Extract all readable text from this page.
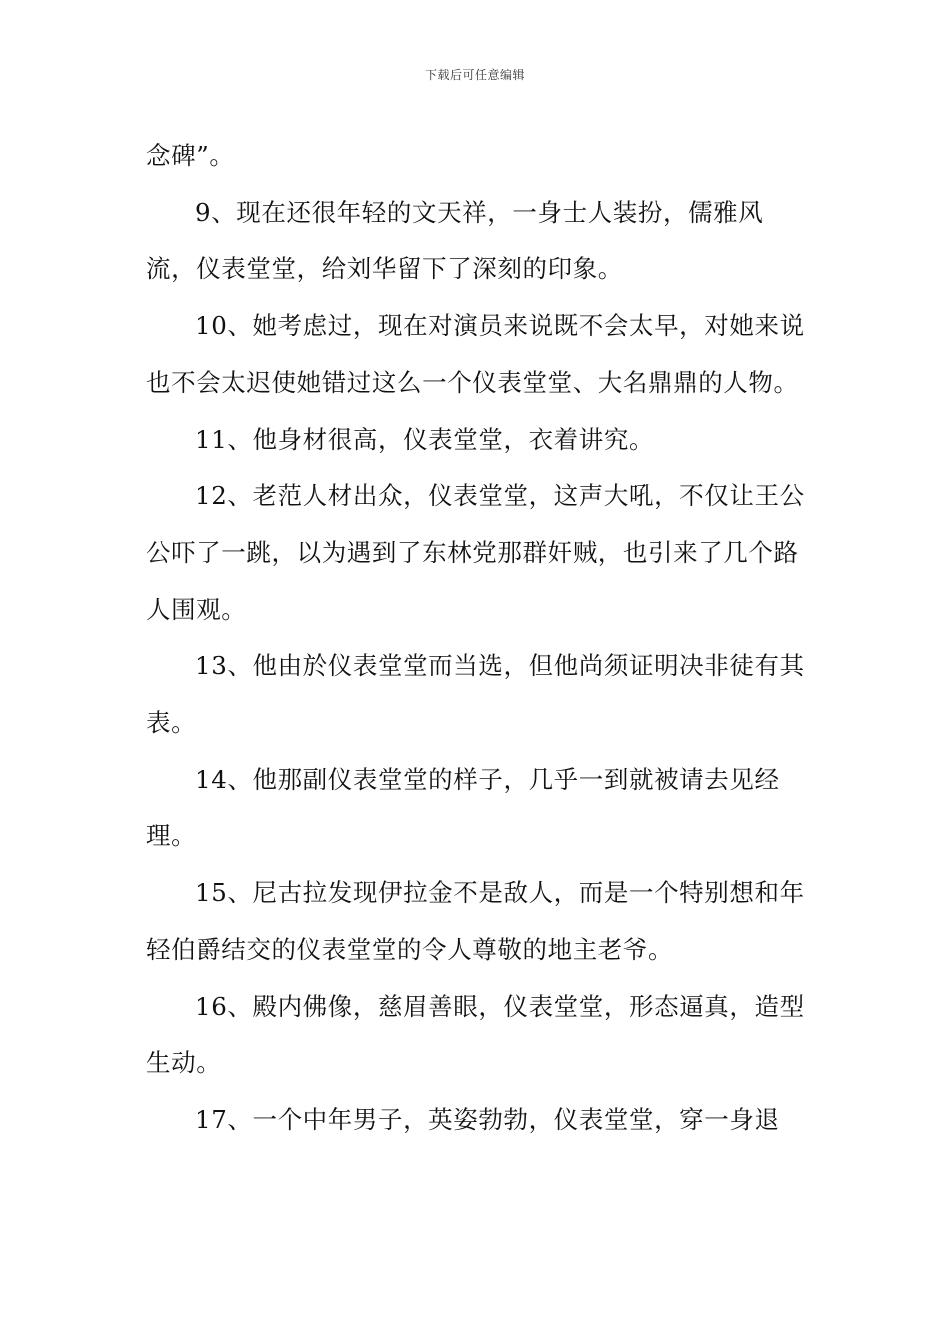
下载后可任意编辑

念碑”。

9、现在还很年轻的文天祥，一身士人装扮，儒雅风流，仪表堂堂，给刘华留下了深刻的印象。

10、她考虑过，现在对演员来说既不会太早，对她来说也不会太迟使她错过这么一个仪表堂堂、大名鼎鼎的人物。

11、他身材很高，仪表堂堂，衣着讲究。

12、老范人材出众，仪表堂堂，这声大吼，不仅让王公公吓了一跳，以为遇到了东林党那群奸贼，也引来了几个路人围观。

13、他由於仪表堂堂而当选，但他尚须证明决非徒有其表。

14、他那副仪表堂堂的样子，几乎一到就被请去见经理。

15、尼古拉发现伊拉金不是敌人，而是一个特别想和年轻伯爵结交的仪表堂堂的令人尊敬的地主老爷。

16、殿内佛像，慈眉善眼，仪表堂堂，形态逼真，造型生动。

17、一个中年男子，英姿勃勃，仪表堂堂，穿一身退
